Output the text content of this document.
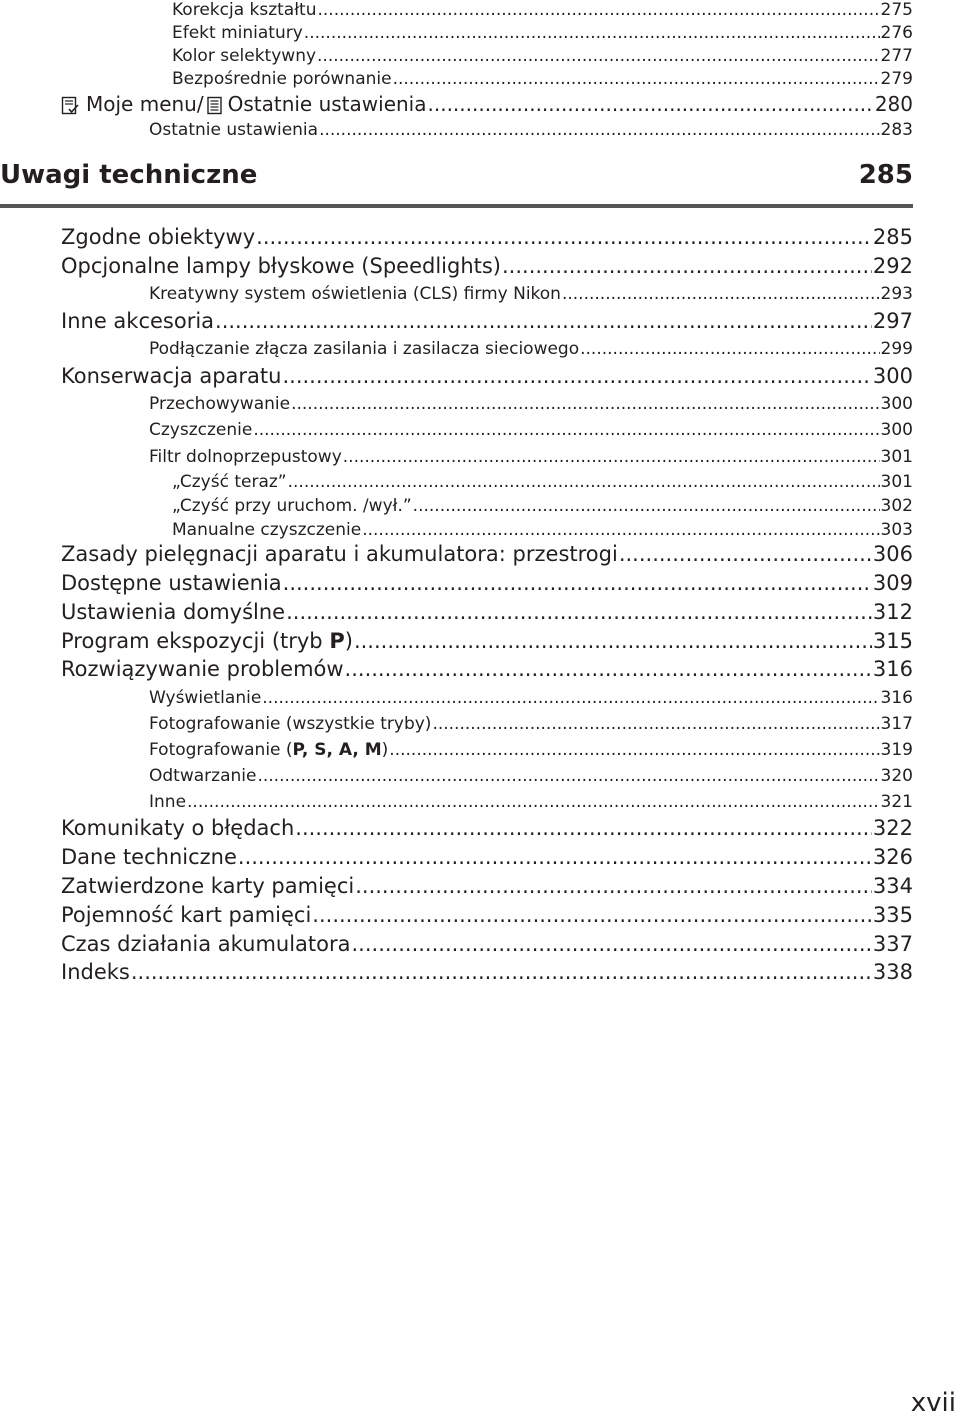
Korekcja kształtu .....	275
Efekt miniatury .....	276
Kolor selektywny .....	277
Bezpośrednie porównanie .....	279
Moje menu/ Ostatnie ustawienia .....	280
Ostatnie ustawienia .....	283
Uwagi techniczne	285
Zgodne obiektywy .....	285
Opcjonalne lampy błyskowe (Speedlights) .....	292
Kreatywny system oświetlenia (CLS) firmy Nikon .....	293
Inne akcesoria .....	297
Podłączanie złącza zasilania i zasilacza sieciowego .....	299
Konserwacja aparatu .....	300
Przechowywanie .....	300
Czyszczenie .....	300
Filtr dolnoprzepustowy .....	301
„Czyść teraz” .....	301
„Czyść przy uruchom. /wył.” .....	302
Manualne czyszczenie .....	303
Zasady pielęgnacji aparatu i akumulatora: przestrogi .....	306
Dostępne ustawienia .....	309
Ustawienia domyślne .....	312
Program ekspozycji (tryb P) .....	315
Rozwiązywanie problemów .....	316
Wyświetlanie .....	316
Fotografowanie (wszystkie tryby) .....	317
Fotografowanie (P, S, A, M) .....	319
Odtwarzanie .....	320
Inne .....	321
Komunikaty o błędach .....	322
Dane techniczne .....	326
Zatwierdzone karty pamięci .....	334
Pojemność kart pamięci .....	335
Czas działania akumulatora .....	337
Indeks .....	338
xvii
